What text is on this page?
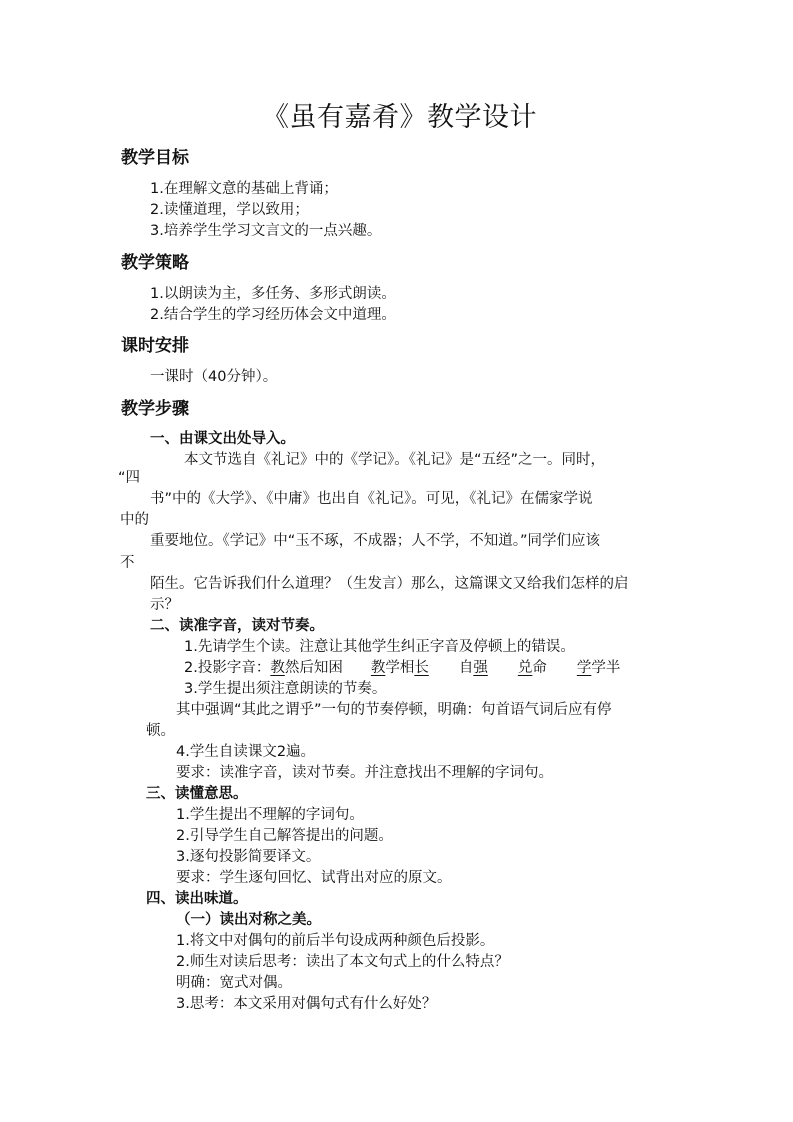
《虽有嘉肴》教学设计
教学目标
1.在理解文意的基础上背诵；
2.读懂道理，学以致用；
3.培养学生学习文言文的一点兴趣。
教学策略
1.以朗读为主，多任务、多形式朗读。
2.结合学生的学习经历体会文中道理。
课时安排
一课时（40分钟）。
教学步骤
一、由课文出处导入。
本文节选自《礼记》中的《学记》。《礼记》是“五经”之一。同时，
“四
书”中的《大学》、《中庸》也出自《礼记》。可见，《礼记》在儒家学说
中的
重要地位。《学记》中“玉不琢，不成器；人不学，不知道。”同学们应该
不
陌生。它告诉我们什么道理？（生发言）那么，这篇课文又给我们怎样的启
示？
二、读准字音，读对节奏。
1.先请学生个读。注意让其他学生纠正字音及停顿上的错误。
2.投影字音：教然后知困 教学相长 自强 兑命 学学半
3.学生提出须注意朗读的节奏。
其中强调“其此之谓乎”一句的节奏停顿，明确：句首语气词后应有停
顿。
4.学生自读课文2遍。
要求：读准字音，读对节奏。并注意找出不理解的字词句。
三、读懂意思。
1.学生提出不理解的字词句。
2.引导学生自己解答提出的问题。
3.逐句投影简要译文。
要求：学生逐句回忆、试背出对应的原文。
四、读出味道。
（一）读出对称之美。
1.将文中对偶句的前后半句设成两种颜色后投影。
2.师生对读后思考：读出了本文句式上的什么特点？
明确：宽式对偶。
3.思考：本文采用对偶句式有什么好处？
